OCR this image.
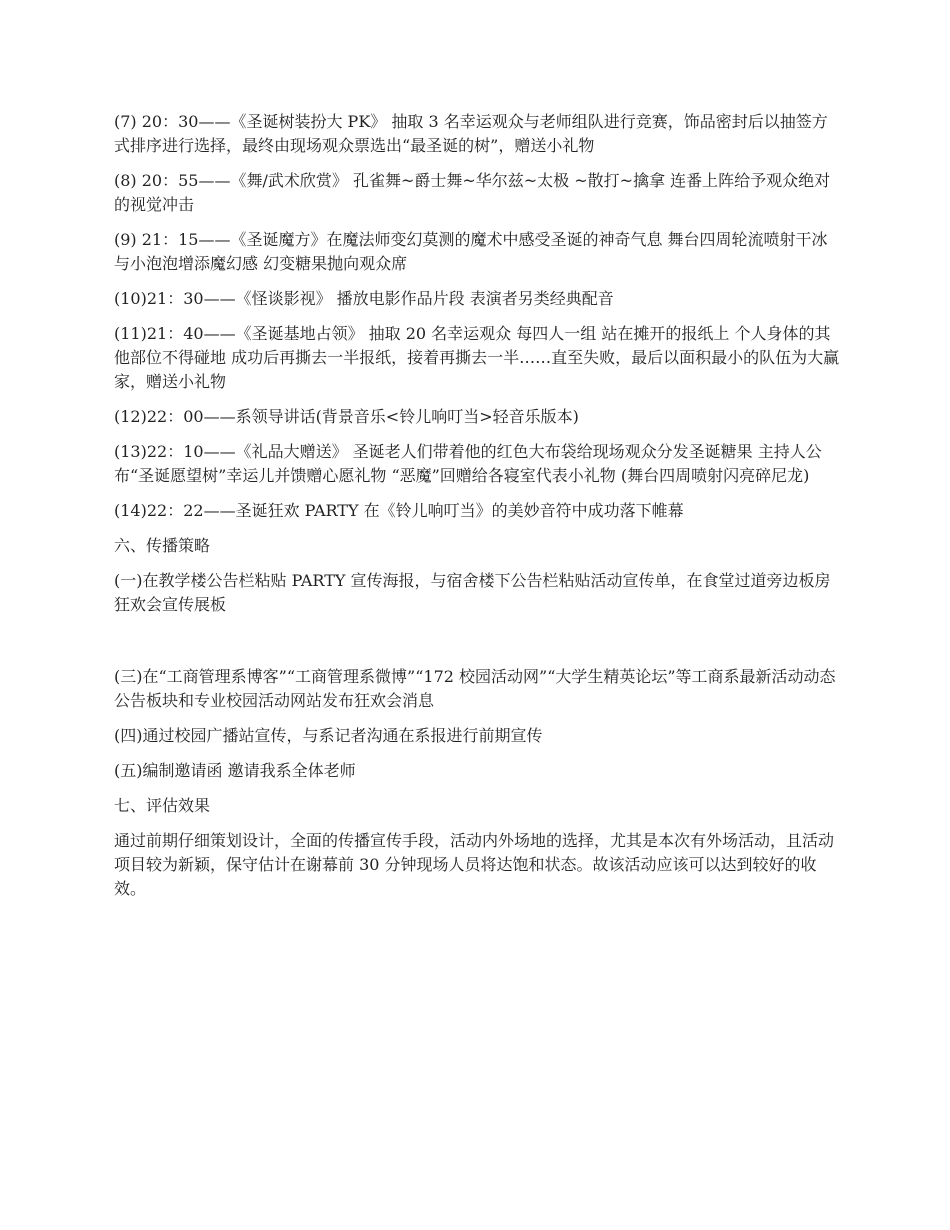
(7) 20：30——《圣诞树装扮大 PK》 抽取 3 名幸运观众与老师组队进行竞赛，饰品密封后以抽签方式排序进行选择，最终由现场观众票选出“最圣诞的树”，赠送小礼物

(8) 20：55——《舞/武术欣赏》 孔雀舞~爵士舞~华尔兹~太极 ~散打~擒拿 连番上阵给予观众绝对的视觉冲击

(9) 21：15——《圣诞魔方》在魔法师变幻莫测的魔术中感受圣诞的神奇气息 舞台四周轮流喷射干冰与小泡泡增添魔幻感 幻变糖果抛向观众席

(10)21：30——《怪谈影视》 播放电影作品片段 表演者另类经典配音

(11)21：40——《圣诞基地占领》 抽取 20 名幸运观众 每四人一组 站在摊开的报纸上 个人身体的其他部位不得碰地 成功后再撕去一半报纸，接着再撕去一半……直至失败，最后以面积最小的队伍为大赢家，赠送小礼物

(12)22：00——系领导讲话(背景音乐<铃儿响叮当>轻音乐版本)

(13)22：10——《礼品大赠送》 圣诞老人们带着他的红色大布袋给现场观众分发圣诞糖果 主持人公布“圣诞愿望树”幸运儿并馈赠心愿礼物 “恶魔”回赠给各寝室代表小礼物 (舞台四周喷射闪亮碎尼龙)

(14)22：22——圣诞狂欢 PARTY 在《铃儿响叮当》的美妙音符中成功落下帷幕

六、传播策略

(一)在教学楼公告栏粘贴 PARTY 宣传海报，与宿舍楼下公告栏粘贴活动宣传单，在食堂过道旁边板房狂欢会宣传展板

(三)在“工商管理系博客”“工商管理系微博”“172 校园活动网”“大学生精英论坛”等工商系最新活动动态公告板块和专业校园活动网站发布狂欢会消息

(四)通过校园广播站宣传，与系记者沟通在系报进行前期宣传

(五)编制邀请函 邀请我系全体老师

七、评估效果

通过前期仔细策划设计，全面的传播宣传手段，活动内外场地的选择，尤其是本次有外场活动，且活动项目较为新颖，保守估计在谢幕前 30 分钟现场人员将达饱和状态。故该活动应该可以达到较好的收效。
